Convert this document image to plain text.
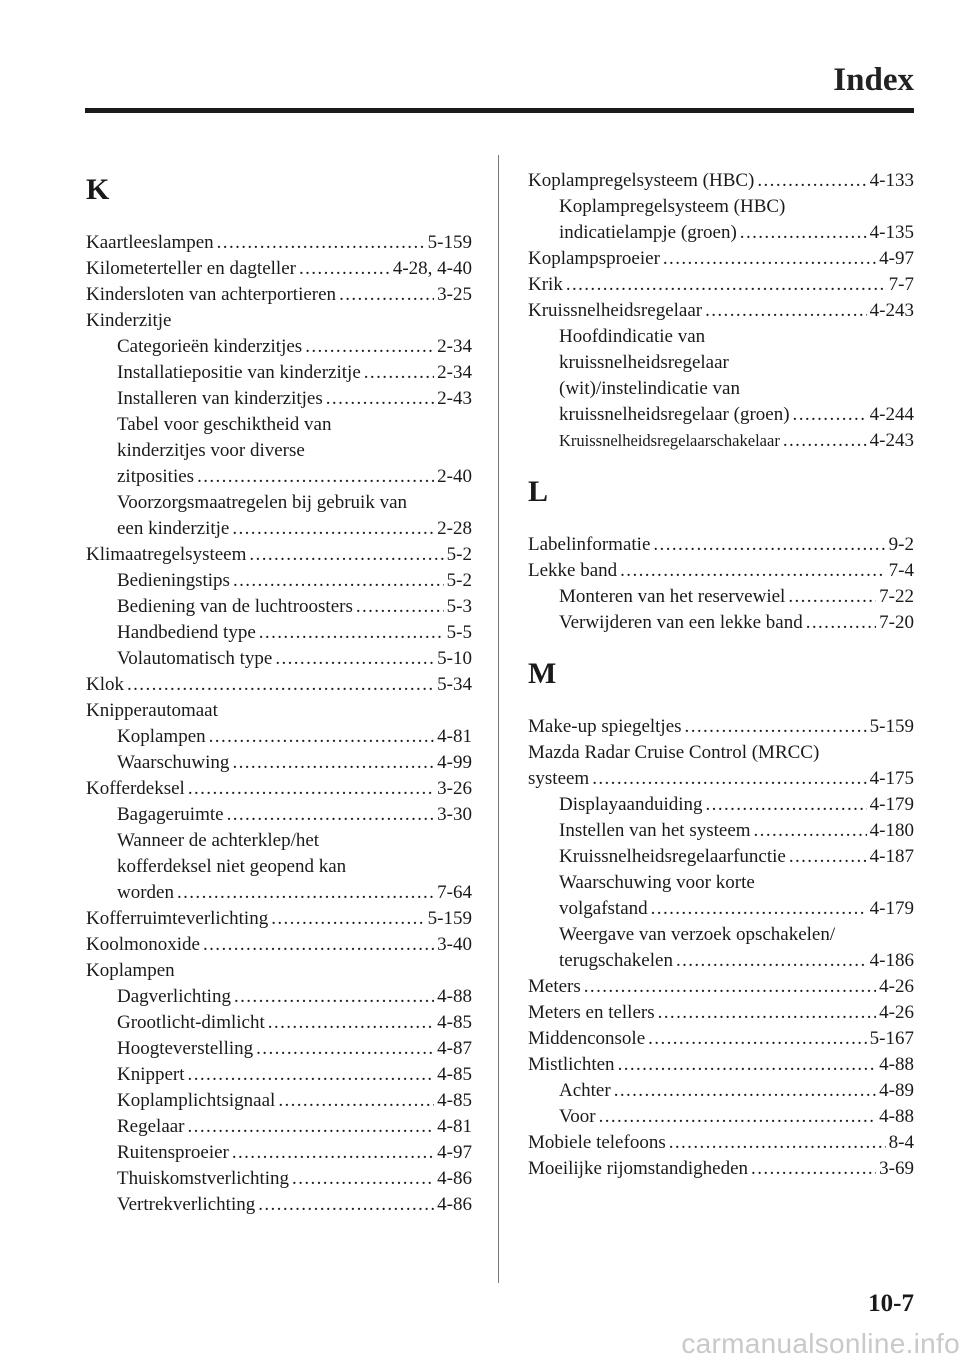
Index
K
Kaartleeslampen .....	5-159
Kilometerteller en dagteller .....	4-28, 4-40
Kindersloten van achterportieren .....	3-25
Kinderzitje
Categorieën kinderzitjes .....	2-34
Installatiepositie van kinderzitje .....	2-34
Installeren van kinderzitjes .....	2-43
Tabel voor geschiktheid van
kinderzitjes voor diverse
zitposities .....	2-40
Voorzorgsmaatregelen bij gebruik van
een kinderzitje .....	2-28
Klimaatregelsysteem .....	5-2
Bedieningstips .....	5-2
Bediening van de luchtroosters .....	5-3
Handbediend type .....	5-5
Volautomatisch type .....	5-10
Klok .....	5-34
Knipperautomaat
Koplampen .....	4-81
Waarschuwing .....	4-99
Kofferdeksel .....	3-26
Bagageruimte .....	3-30
Wanneer de achterklep/het
kofferdeksel niet geopend kan
worden .....	7-64
Kofferruimteverlichting .....	5-159
Koolmonoxide .....	3-40
Koplampen
Dagverlichting .....	4-88
Grootlicht-dimlicht .....	4-85
Hoogteverstelling .....	4-87
Knippert .....	4-85
Koplamplichtsignaal .....	4-85
Regelaar .....	4-81
Ruitensproeier .....	4-97
Thuiskomstverlichting .....	4-86
Vertrekverlichting .....	4-86
Koplampregelsysteem (HBC) .....	4-133
Koplampregelsysteem (HBC)
indicatielampje (groen) .....	4-135
Koplampsproeier .....	4-97
Krik .....	7-7
Kruissnelheidsregelaar .....	4-243
Hoofdindicatie van
kruissnelheidsregelaar
(wit)/instelindicatie van
kruissnelheidsregelaar (groen) .....	4-244
Kruissnelheidsregelaarschakelaar .....	4-243
L
Labelinformatie .....	9-2
Lekke band .....	7-4
Monteren van het reservewiel .....	7-22
Verwijderen van een lekke band .....	7-20
M
Make-up spiegeltjes .....	5-159
Mazda Radar Cruise Control (MRCC)
systeem .....	4-175
Displayaanduiding .....	4-179
Instellen van het systeem .....	4-180
Kruissnelheidsregelaarfunctie .....	4-187
Waarschuwing voor korte
volgafstand .....	4-179
Weergave van verzoek opschakelen/
terugschakelen .....	4-186
Meters .....	4-26
Meters en tellers .....	4-26
Middenconsole .....	5-167
Mistlichten .....	4-88
Achter .....	4-89
Voor .....	4-88
Mobiele telefoons .....	8-4
Moeilijke rijomstandigheden .....	3-69
10-7
carmanualsonline.info
